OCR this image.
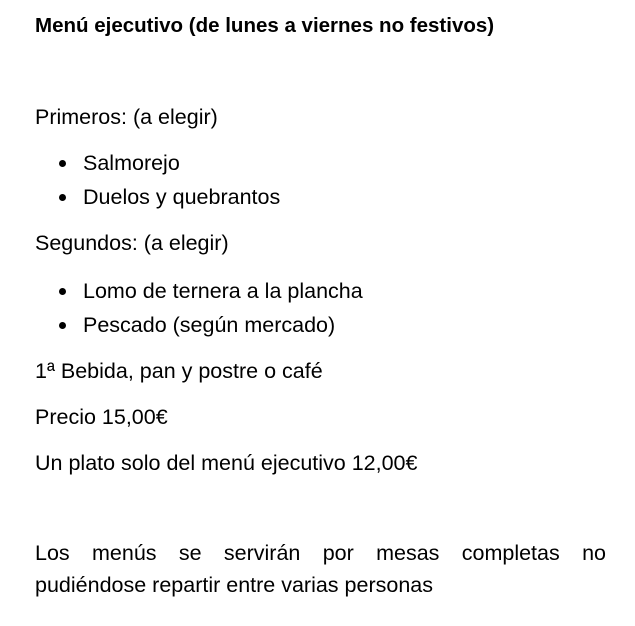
Menú ejecutivo (de lunes a viernes no festivos)

Primeros: (a elegir)

Salmorejo
Duelos y quebrantos

Segundos: (a elegir)

Lomo de ternera a la plancha
Pescado (según mercado)

1ª Bebida, pan y postre o café

Precio 15,00€

Un plato solo del menú ejecutivo 12,00€

Los menús se servirán por mesas completas no pudiéndose repartir entre varias personas
